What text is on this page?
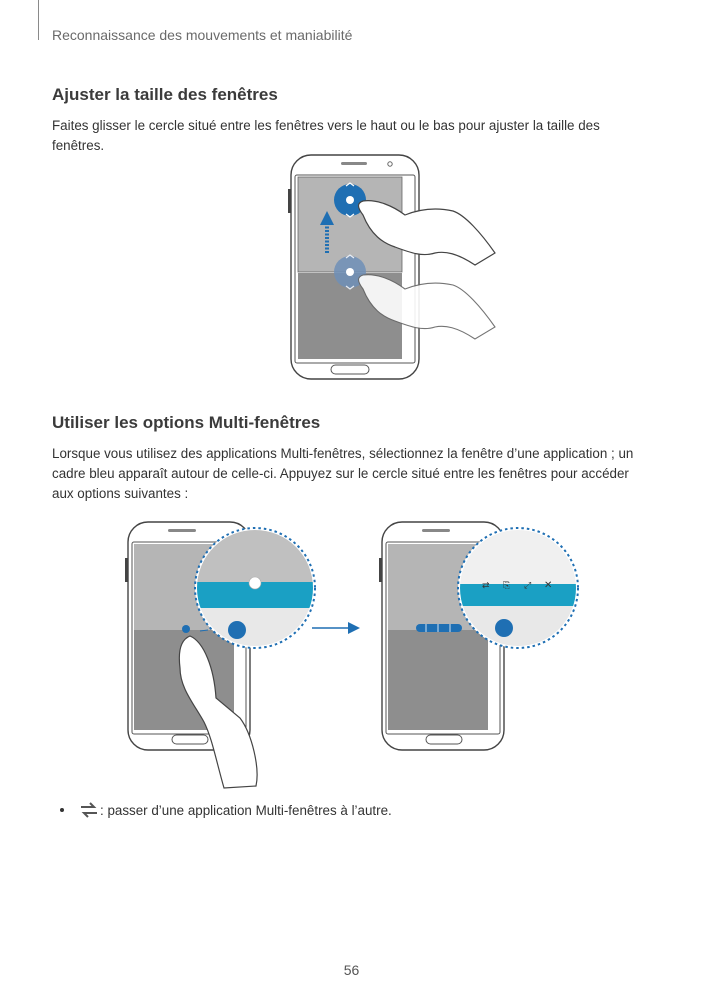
Reconnaissance des mouvements et maniabilité
Ajuster la taille des fenêtres
Faites glisser le cercle situé entre les fenêtres vers le haut ou le bas pour ajuster la taille des fenêtres.
Utiliser les options Multi-fenêtres
Lorsque vous utilisez des applications Multi-fenêtres, sélectionnez la fenêtre d’une application ; un cadre bleu apparaît autour de celle-ci. Appuyez sur le cercle situé entre les fenêtres pour accéder aux options suivantes :
⇄ ⎘ ⤢ ✕
: passer d’une application Multi-fenêtres à l’autre.
56
